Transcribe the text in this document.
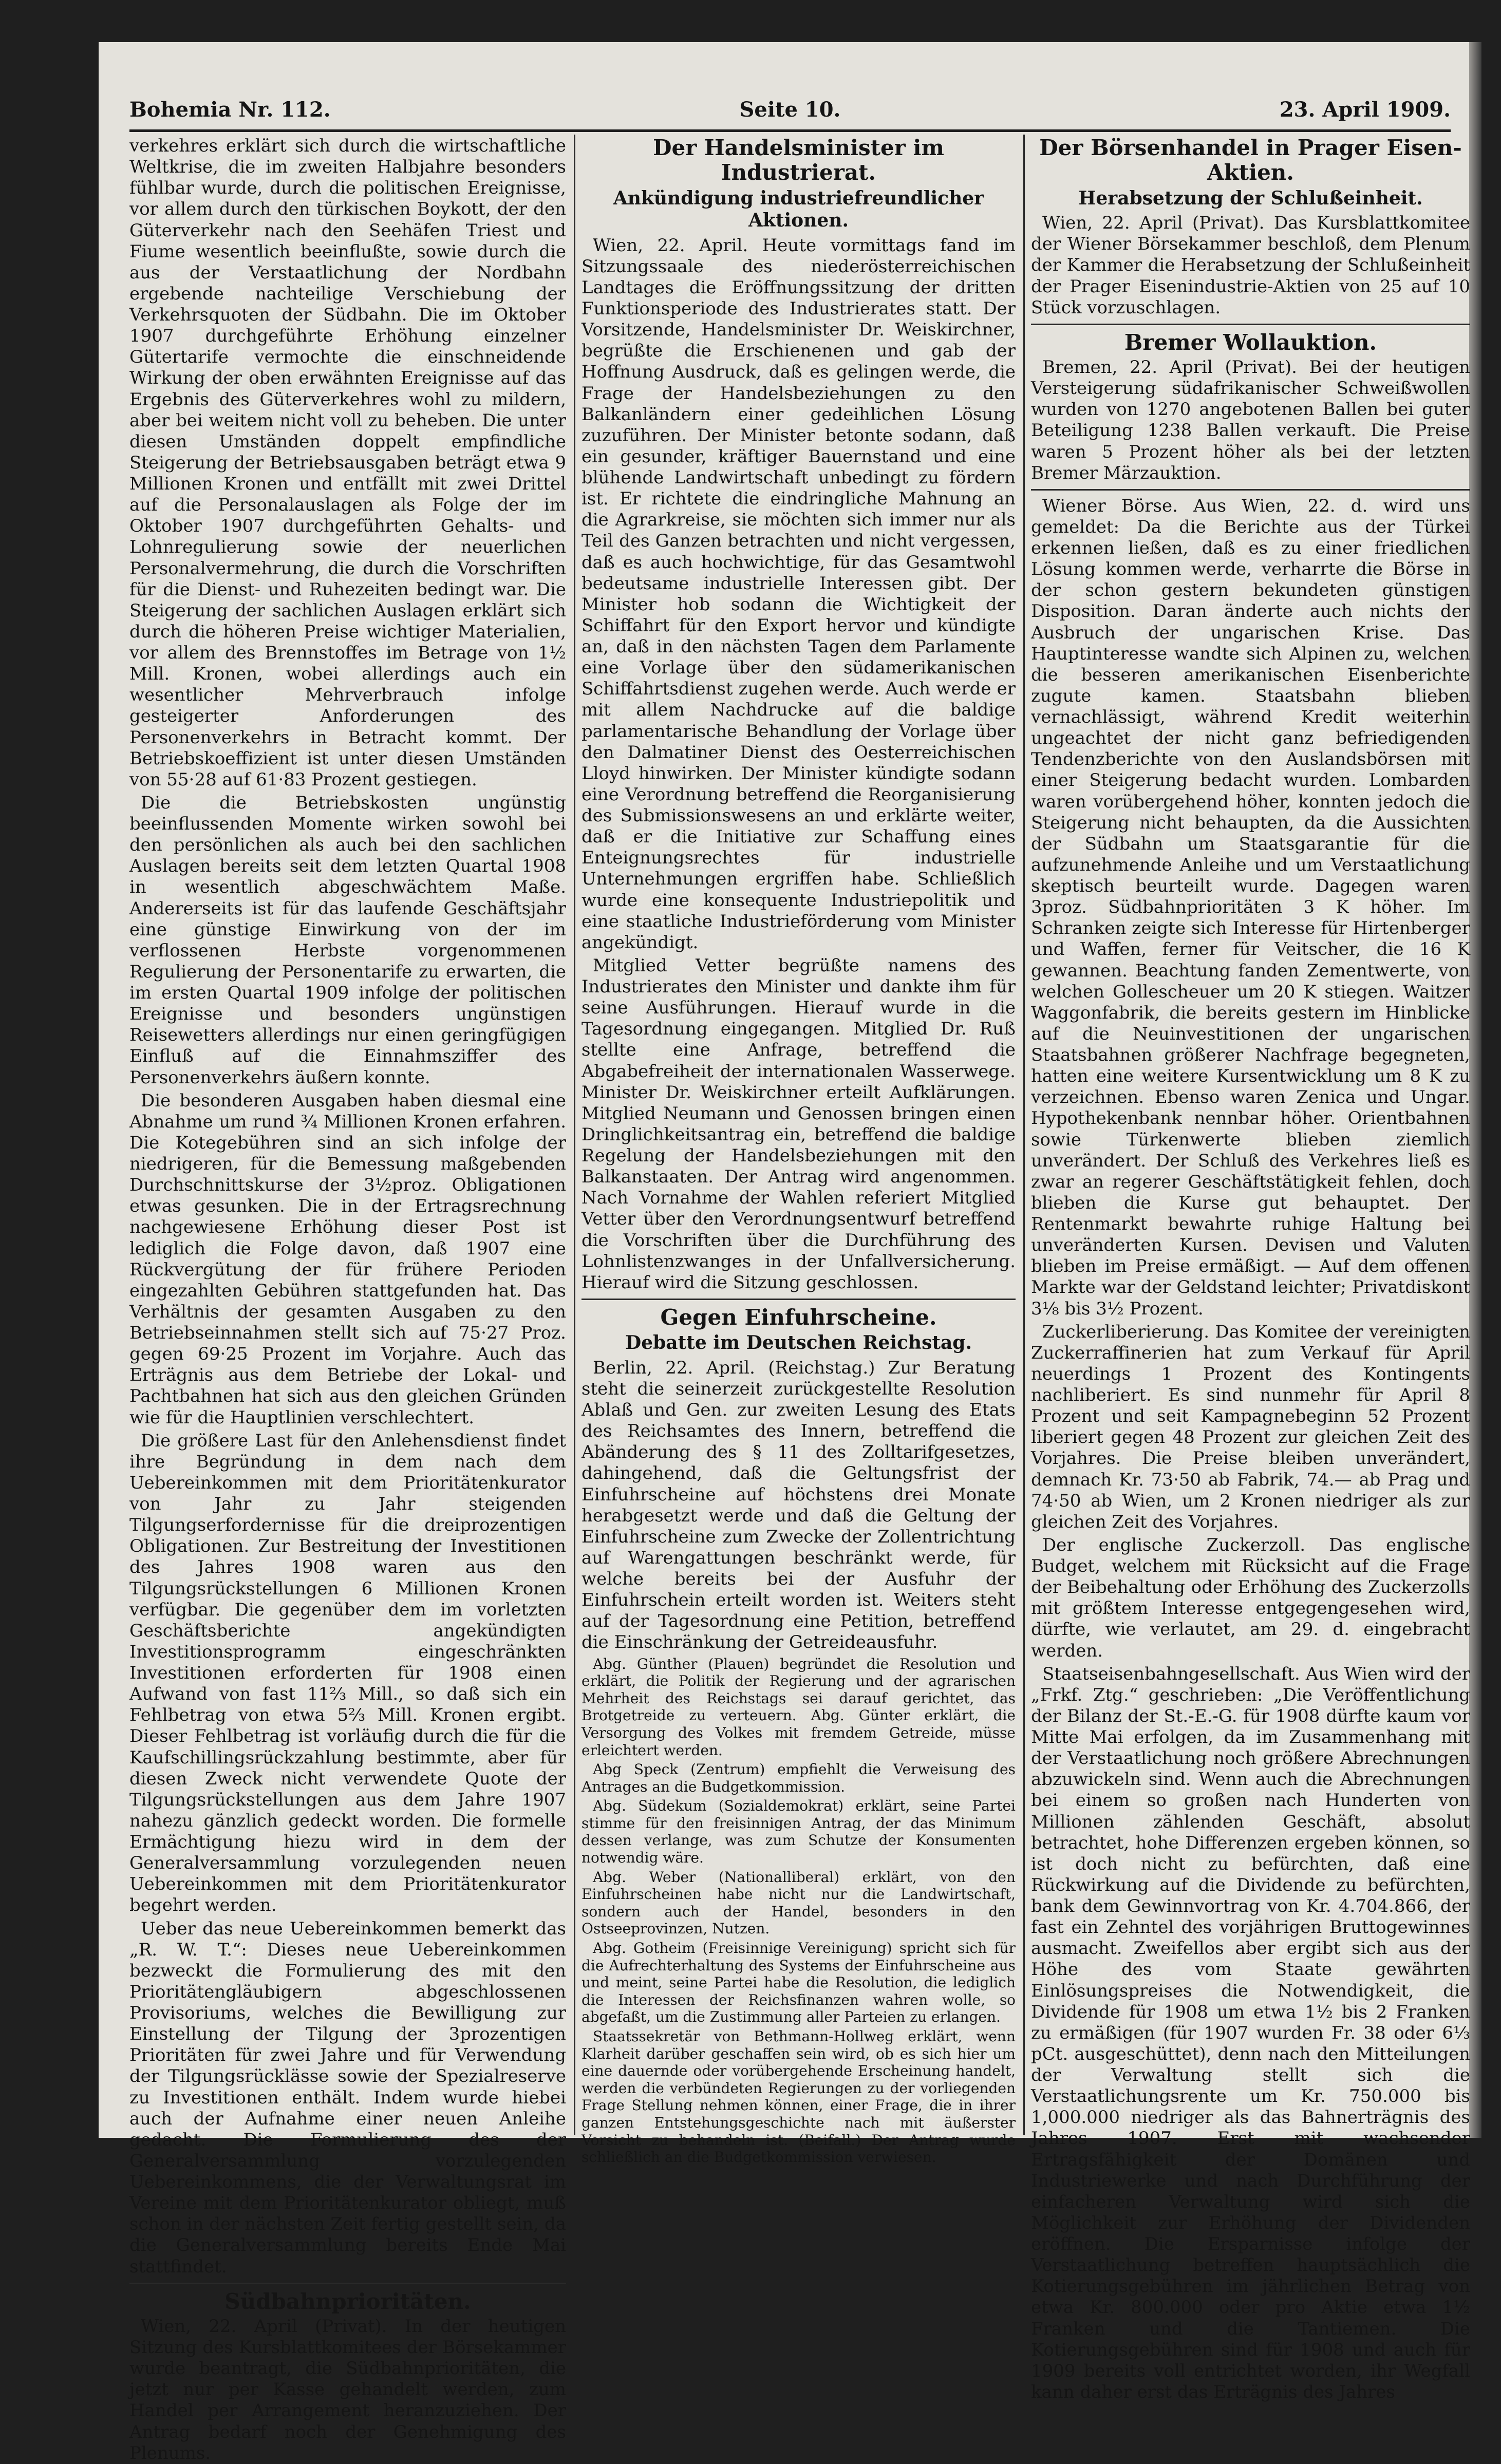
Bohemia Nr. 112.	Seite 10.	23. April 1909.

verkehres erklärt sich durch die wirtschaftliche Weltkrise, die im zweiten Halbjahre besonders fühlbar wurde, durch die politischen Ereignisse, vor allem durch den türkischen Boykott, der den Güterverkehr nach den Seehäfen Triest und Fiume wesentlich beeinflußte, sowie durch die aus der Verstaatlichung der Nordbahn ergebende nachteilige Verschiebung der Verkehrsquoten der Südbahn. Die im Oktober 1907 durchgeführte Erhöhung einzelner Gütertarife vermochte die einschneidende Wirkung der oben erwähnten Ereignisse auf das Ergebnis des Güterverkehres wohl zu mildern, aber bei weitem nicht voll zu beheben. Die unter diesen Umständen doppelt empfindliche Steigerung der Betriebsausgaben beträgt etwa 9 Millionen Kronen und entfällt mit zwei Drittel auf die Personalauslagen als Folge der im Oktober 1907 durchgeführten Gehalts- und Lohnregulierung sowie der neuerlichen Personalvermehrung, die durch die Vorschriften für die Dienst- und Ruhezeiten bedingt war. Die Steigerung der sachlichen Auslagen erklärt sich durch die höheren Preise wichtiger Materialien, vor allem des Brennstoffes im Betrage von 1½ Mill. Kronen, wobei allerdings auch ein wesentlicher Mehrverbrauch infolge gesteigerter Anforderungen des Personenverkehrs in Betracht kommt. Der Betriebskoeffizient ist unter diesen Umständen von 55·28 auf 61·83 Prozent gestiegen.

Die die Betriebskosten ungünstig beeinflussenden Momente wirken sowohl bei den persönlichen als auch bei den sachlichen Auslagen bereits seit dem letzten Quartal 1908 in wesentlich abgeschwächtem Maße. Andererseits ist für das laufende Geschäftsjahr eine günstige Einwirkung von der im verflossenen Herbste vorgenommenen Regulierung der Personentarife zu erwarten, die im ersten Quartal 1909 infolge der politischen Ereignisse und besonders ungünstigen Reisewetters allerdings nur einen geringfügigen Einfluß auf die Einnahmsziffer des Personenverkehrs äußern konnte.

Die besonderen Ausgaben haben diesmal eine Abnahme um rund ¾ Millionen Kronen erfahren. Die Kotegebühren sind an sich infolge der niedrigeren, für die Bemessung maßgebenden Durchschnittskurse der 3½proz. Obligationen etwas gesunken. Die in der Ertragsrechnung nachgewiesene Erhöhung dieser Post ist lediglich die Folge davon, daß 1907 eine Rückvergütung der für frühere Perioden eingezahlten Gebühren stattgefunden hat. Das Verhältnis der gesamten Ausgaben zu den Betriebseinnahmen stellt sich auf 75·27 Proz. gegen 69·25 Prozent im Vorjahre. Auch das Erträgnis aus dem Betriebe der Lokal- und Pachtbahnen hat sich aus den gleichen Gründen wie für die Hauptlinien verschlechtert.

Die größere Last für den Anlehensdienst findet ihre Begründung in dem nach dem Uebereinkommen mit dem Prioritätenkurator von Jahr zu Jahr steigenden Tilgungserfordernisse für die dreiprozentigen Obligationen. Zur Bestreitung der Investitionen des Jahres 1908 waren aus den Tilgungsrückstellungen 6 Millionen Kronen verfügbar. Die gegenüber dem im vorletzten Geschäftsberichte angekündigten Investitionsprogramm eingeschränkten Investitionen erforderten für 1908 einen Aufwand von fast 11⅔ Mill., so daß sich ein Fehlbetrag von etwa 5⅔ Mill. Kronen ergibt. Dieser Fehlbetrag ist vorläufig durch die für die Kaufschillingsrückzahlung bestimmte, aber für diesen Zweck nicht verwendete Quote der Tilgungsrückstellungen aus dem Jahre 1907 nahezu gänzlich gedeckt worden. Die formelle Ermächtigung hiezu wird in dem der Generalversammlung vorzulegenden neuen Uebereinkommen mit dem Prioritätenkurator begehrt werden.

Ueber das neue Uebereinkommen bemerkt das „R. W. T.“: Dieses neue Uebereinkommen bezweckt die Formulierung des mit den Prioritätengläubigern abgeschlossenen Provisoriums, welches die Bewilligung zur Einstellung der Tilgung der 3prozentigen Prioritäten für zwei Jahre und für Verwendung der Tilgungsrücklässe sowie der Spezialreserve zu Investitionen enthält. Indem wurde hiebei auch der Aufnahme einer neuen Anleihe gedacht. Die Formulierung des der Generalversammlung vorzulegenden Uebereinkommens, die der Verwaltungsrat im Vereine mit dem Prioritätenkurator obliegt, muß schon in der nächsten Zeit fertig gestellt sein, da die Generalversammlung bereits Ende Mai stattfindet.

Südbahnprioritäten.

Wien, 22. April (Privat). In der heutigen Sitzung des Kursblattkomitees der Börsekammer wurde beantragt, die Südbahnprioritäten, die jetzt nur per Kasse gehandelt werden, zum Handel per Arrangement heranzuziehen. Der Antrag bedarf noch der Genehmigung des Plenums.

Der Handelsminister im Industrierat.
Ankündigung industriefreundlicher Aktionen.

Wien, 22. April. Heute vormittags fand im Sitzungssaale des niederösterreichischen Landtages die Eröffnungssitzung der dritten Funktionsperiode des Industrierates statt. Der Vorsitzende, Handelsminister Dr. Weiskirchner, begrüßte die Erschienenen und gab der Hoffnung Ausdruck, daß es gelingen werde, die Frage der Handelsbeziehungen zu den Balkanländern einer gedeihlichen Lösung zuzuführen. Der Minister betonte sodann, daß ein gesunder, kräftiger Bauernstand und eine blühende Landwirtschaft unbedingt zu fördern ist. Er richtete die eindringliche Mahnung an die Agrarkreise, sie möchten sich immer nur als Teil des Ganzen betrachten und nicht vergessen, daß es auch hochwichtige, für das Gesamtwohl bedeutsame industrielle Interessen gibt. Der Minister hob sodann die Wichtigkeit der Schiffahrt für den Export hervor und kündigte an, daß in den nächsten Tagen dem Parlamente eine Vorlage über den südamerikanischen Schiffahrtsdienst zugehen werde. Auch werde er mit allem Nachdrucke auf die baldige parlamentarische Behandlung der Vorlage über den Dalmatiner Dienst des Oesterreichischen Lloyd hinwirken. Der Minister kündigte sodann eine Verordnung betreffend die Reorganisierung des Submissionswesens an und erklärte weiter, daß er die Initiative zur Schaffung eines Enteignungsrechtes für industrielle Unternehmungen ergriffen habe. Schließlich wurde eine konsequente Industriepolitik und eine staatliche Industrieförderung vom Minister angekündigt.

Mitglied Vetter begrüßte namens des Industrierates den Minister und dankte ihm für seine Ausführungen. Hierauf wurde in die Tagesordnung eingegangen. Mitglied Dr. Ruß stellte eine Anfrage, betreffend die Abgabefreiheit der internationalen Wasserwege. Minister Dr. Weiskirchner erteilt Aufklärungen. Mitglied Neumann und Genossen bringen einen Dringlichkeitsantrag ein, betreffend die baldige Regelung der Handelsbeziehungen mit den Balkanstaaten. Der Antrag wird angenommen. Nach Vornahme der Wahlen referiert Mitglied Vetter über den Verordnungsentwurf betreffend die Vorschriften über die Durchführung des Lohnlistenzwanges in der Unfallversicherung. Hierauf wird die Sitzung geschlossen.

Gegen Einfuhrscheine.
Debatte im Deutschen Reichstag.

Berlin, 22. April. (Reichstag.) Zur Beratung steht die seinerzeit zurückgestellte Resolution Ablaß und Gen. zur zweiten Lesung des Etats des Reichsamtes des Innern, betreffend die Abänderung des § 11 des Zolltarifgesetzes, dahingehend, daß die Geltungsfrist der Einfuhrscheine auf höchstens drei Monate herabgesetzt werde und daß die Geltung der Einfuhrscheine zum Zwecke der Zollentrichtung auf Warengattungen beschränkt werde, für welche bereits bei der Ausfuhr der Einfuhrschein erteilt worden ist. Weiters steht auf der Tagesordnung eine Petition, betreffend die Einschränkung der Getreideausfuhr.

Abg. Günther (Plauen) begründet die Resolution und erklärt, die Politik der Regierung und der agrarischen Mehrheit des Reichstags sei darauf gerichtet, das Brotgetreide zu verteuern. Abg. Günter erklärt, die Versorgung des Volkes mit fremdem Getreide, müsse erleichtert werden.

Abg Speck (Zentrum) empfiehlt die Verweisung des Antrages an die Budgetkommission.

Abg. Südekum (Sozialdemokrat) erklärt, seine Partei stimme für den freisinnigen Antrag, der das Minimum dessen verlange, was zum Schutze der Konsumenten notwendig wäre.

Abg. Weber (Nationalliberal) erklärt, von den Einfuhrscheinen habe nicht nur die Landwirtschaft, sondern auch der Handel, besonders in den Ostseeprovinzen, Nutzen.

Abg. Gotheim (Freisinnige Vereinigung) spricht sich für die Aufrechterhaltung des Systems der Einfuhrscheine aus und meint, seine Partei habe die Resolution, die lediglich die Interessen der Reichsfinanzen wahren wolle, so abgefaßt, um die Zustimmung aller Parteien zu erlangen.

Staatssekretär von Bethmann-Hollweg erklärt, wenn Klarheit darüber geschaffen sein wird, ob es sich hier um eine dauernde oder vorübergehende Erscheinung handelt, werden die verbündeten Regierungen zu der vorliegenden Frage Stellung nehmen können, einer Frage, die in ihrer ganzen Entstehungsgeschichte nach mit äußerster Vorsicht zu behandeln ist. (Beifall.) Der Antrag wurde schließlich an die Budgetkommission verwiesen.

Der Börsenhandel in Prager Eisen-Aktien.
Herabsetzung der Schlußeinheit.

Wien, 22. April (Privat). Das Kursblattkomitee der Wiener Börsekammer beschloß, dem Plenum der Kammer die Herabsetzung der Schlußeinheit der Prager Eisenindustrie-Aktien von 25 auf 10 Stück vorzuschlagen.

Bremer Wollauktion.

Bremen, 22. April (Privat). Bei der heutigen Versteigerung südafrikanischer Schweißwollen wurden von 1270 angebotenen Ballen bei guter Beteiligung 1238 Ballen verkauft. Die Preise waren 5 Prozent höher als bei der letzten Bremer Märzauktion.

Wiener Börse. Aus Wien, 22. d. wird uns gemeldet: Da die Berichte aus der Türkei erkennen ließen, daß es zu einer friedlichen Lösung kommen werde, verharrte die Börse in der schon gestern bekundeten günstigen Disposition. Daran änderte auch nichts der Ausbruch der ungarischen Krise. Das Hauptinteresse wandte sich Alpinen zu, welchen die besseren amerikanischen Eisenberichte zugute kamen. Staatsbahn blieben vernachlässigt, während Kredit weiterhin ungeachtet der nicht ganz befriedigenden Tendenzberichte von den Auslandsbörsen mit einer Steigerung bedacht wurden. Lombarden waren vorübergehend höher, konnten jedoch die Steigerung nicht behaupten, da die Aussichten der Südbahn um Staatsgarantie für die aufzunehmende Anleihe und um Verstaatlichung skeptisch beurteilt wurde. Dagegen waren 3proz. Südbahnprioritäten 3 K höher. Im Schranken zeigte sich Interesse für Hirtenberger und Waffen, ferner für Veitscher, die 16 K gewannen. Beachtung fanden Zementwerte, von welchen Gollescheuer um 20 K stiegen. Waitzer Waggonfabrik, die bereits gestern im Hinblicke auf die Neuinvestitionen der ungarischen Staatsbahnen größerer Nachfrage begegneten, hatten eine weitere Kursentwicklung um 8 K zu verzeichnen. Ebenso waren Zenica und Ungar. Hypothekenbank nennbar höher. Orientbahnen sowie Türkenwerte blieben ziemlich unverändert. Der Schluß des Verkehres ließ es zwar an regerer Geschäftstätigkeit fehlen, doch blieben die Kurse gut behauptet. Der Rentenmarkt bewahrte ruhige Haltung bei unveränderten Kursen. Devisen und Valuten blieben im Preise ermäßigt. — Auf dem offenen Markte war der Geldstand leichter; Privatdiskont 3⅛ bis 3½ Prozent.

Zuckerliberierung. Das Komitee der vereinigten Zuckerraffinerien hat zum Verkauf für April neuerdings 1 Prozent des Kontingents nachliberiert. Es sind nunmehr für April 8 Prozent und seit Kampagnebeginn 52 Prozent liberiert gegen 48 Prozent zur gleichen Zeit des Vorjahres. Die Preise bleiben unverändert, demnach Kr. 73·50 ab Fabrik, 74.— ab Prag und 74·50 ab Wien, um 2 Kronen niedriger als zur gleichen Zeit des Vorjahres.

Der englische Zuckerzoll. Das englische Budget, welchem mit Rücksicht auf die Frage der Beibehaltung oder Erhöhung des Zuckerzolls mit größtem Interesse entgegengesehen wird, dürfte, wie verlautet, am 29. d. eingebracht werden.

Staatseisenbahngesellschaft. Aus Wien wird der „Frkf. Ztg.“ geschrieben: „Die Veröffentlichung der Bilanz der St.-E.-G. für 1908 dürfte kaum vor Mitte Mai erfolgen, da im Zusammenhang mit der Verstaatlichung noch größere Abrechnungen abzuwickeln sind. Wenn auch die Abrechnungen bei einem so großen nach Hunderten von Millionen zählenden Geschäft, absolut betrachtet, hohe Differenzen ergeben können, so ist doch nicht zu befürchten, daß eine Rückwirkung auf die Dividende zu befürchten, bank dem Gewinnvortrag von Kr. 4.704.866, der fast ein Zehntel des vorjährigen Bruttogewinnes ausmacht. Zweifellos aber ergibt sich aus der Höhe des vom Staate gewährten Einlösungspreises die Notwendigkeit, die Dividende für 1908 um etwa 1½ bis 2 Franken zu ermäßigen (für 1907 wurden Fr. 38 oder 6⅓ pCt. ausgeschüttet), denn nach den Mitteilungen der Verwaltung stellt sich die Verstaatlichungsrente um Kr. 750.000 bis 1,000.000 niedriger als das Bahnerträgnis des Jahres 1907. Erst mit wachsender Ertragsfähigkeit der Domänen und Industriewerke und nach Durchführung der einfacheren Verwaltung wird sich die Möglichkeit zur Erhöhung der Dividenden eröffnen. Die Ersparnisse infolge der Verstaatlichung betreffen hauptsächlich die Kotierungsgebühren im jährlichen Betrag von etwa Kr. 800.000 oder pro Aktie etwa 1½ Franken und die Tantiemen. Die Kotierungsgebühren sind für 1908 und auch für 1909 bereits voll entrichtet worden, ihr Wegfall kann daher erst das Erträgnis des Jahres
